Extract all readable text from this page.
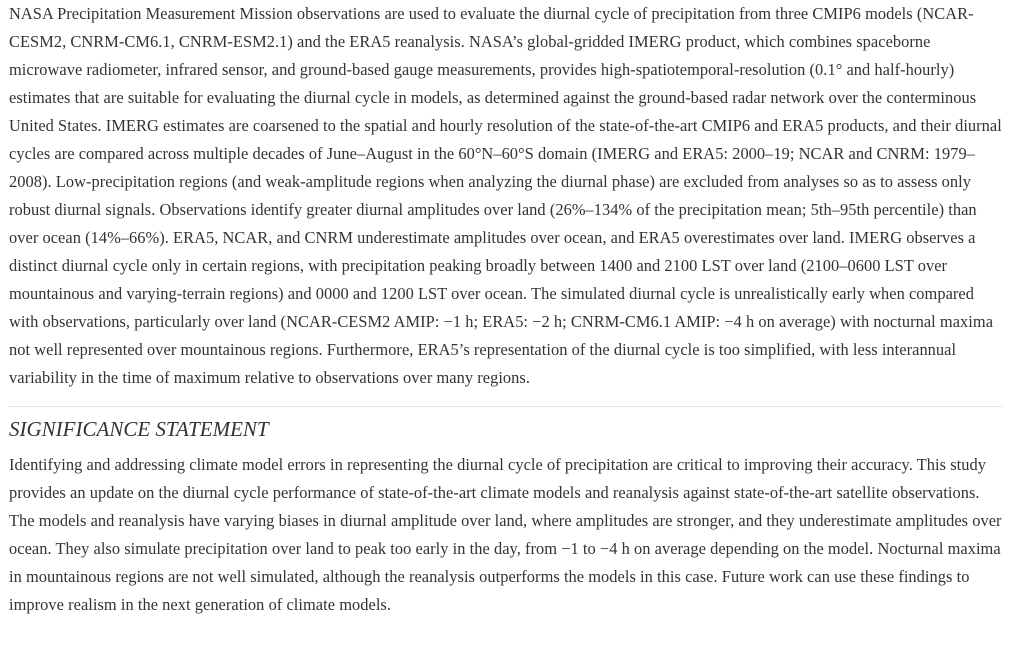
NASA Precipitation Measurement Mission observations are used to evaluate the diurnal cycle of precipitation from three CMIP6 models (NCAR-CESM2, CNRM-CM6.1, CNRM-ESM2.1) and the ERA5 reanalysis. NASA’s global-gridded IMERG product, which combines spaceborne microwave radiometer, infrared sensor, and ground-based gauge measurements, provides high-spatiotemporal-resolution (0.1° and half-hourly) estimates that are suitable for evaluating the diurnal cycle in models, as determined against the ground-based radar network over the conterminous United States. IMERG estimates are coarsened to the spatial and hourly resolution of the state-of-the-art CMIP6 and ERA5 products, and their diurnal cycles are compared across multiple decades of June–August in the 60°N–60°S domain (IMERG and ERA5: 2000–19; NCAR and CNRM: 1979–2008). Low-precipitation regions (and weak-amplitude regions when analyzing the diurnal phase) are excluded from analyses so as to assess only robust diurnal signals. Observations identify greater diurnal amplitudes over land (26%–134% of the precipitation mean; 5th–95th percentile) than over ocean (14%–66%). ERA5, NCAR, and CNRM underestimate amplitudes over ocean, and ERA5 overestimates over land. IMERG observes a distinct diurnal cycle only in certain regions, with precipitation peaking broadly between 1400 and 2100 LST over land (2100–0600 LST over mountainous and varying-terrain regions) and 0000 and 1200 LST over ocean. The simulated diurnal cycle is unrealistically early when compared with observations, particularly over land (NCAR-CESM2 AMIP: −1 h; ERA5: −2 h; CNRM-CM6.1 AMIP: −4 h on average) with nocturnal maxima not well represented over mountainous regions. Furthermore, ERA5’s representation of the diurnal cycle is too simplified, with less interannual variability in the time of maximum relative to observations over many regions.

SIGNIFICANCE STATEMENT

Identifying and addressing climate model errors in representing the diurnal cycle of precipitation are critical to improving their accuracy. This study provides an update on the diurnal cycle performance of state-of-the-art climate models and reanalysis against state-of-the-art satellite observations. The models and reanalysis have varying biases in diurnal amplitude over land, where amplitudes are stronger, and they underestimate amplitudes over ocean. They also simulate precipitation over land to peak too early in the day, from −1 to −4 h on average depending on the model. Nocturnal maxima in mountainous regions are not well simulated, although the reanalysis outperforms the models in this case. Future work can use these findings to improve realism in the next generation of climate models.
